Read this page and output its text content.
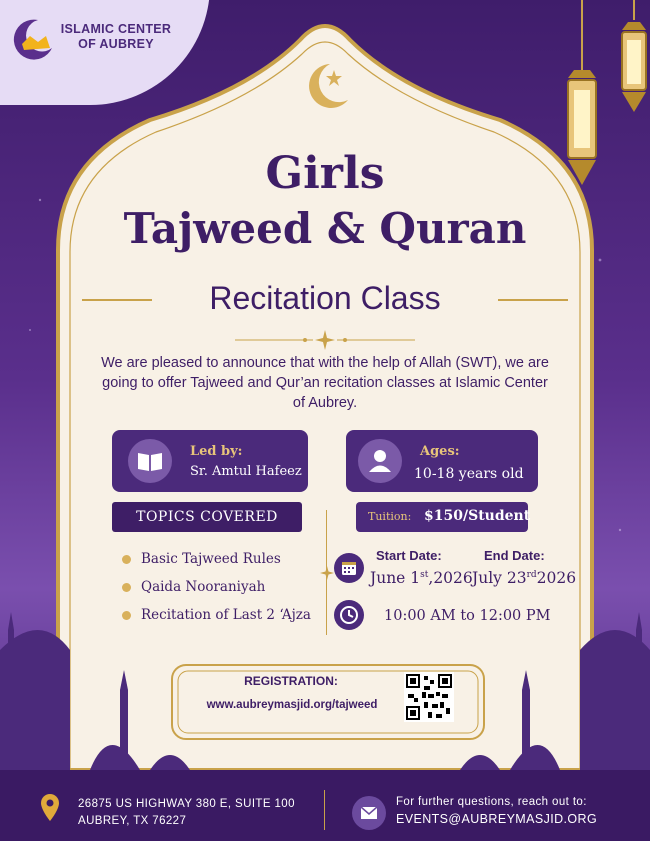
ISLAMIC CENTER
OF AUBREY
Girls
Tajweed & Quran
Recitation Class
We are pleased to announce that with the help of Allah (SWT), we are going to offer Tajweed and Qur’an recitation classes at Islamic Center of Aubrey.
Led by:
Sr. Amtul Hafeez
Ages:
10-18 years old
TOPICS COVERED
Basic Tajweed Rules
Qaida Nooraniyah
Recitation of Last 2 ‘Ajza
Tuition: $150/Student
Start Date:
June 1st,2026
End Date:
July 23rd2026
10:00 AM to 12:00 PM
REGISTRATION:
www.aubreymasjid.org/tajweed
26875 US HIGHWAY 380 E, SUITE 100
AUBREY, TX 76227
For further questions, reach out to:
EVENTS@AUBREYMASJID.ORG
